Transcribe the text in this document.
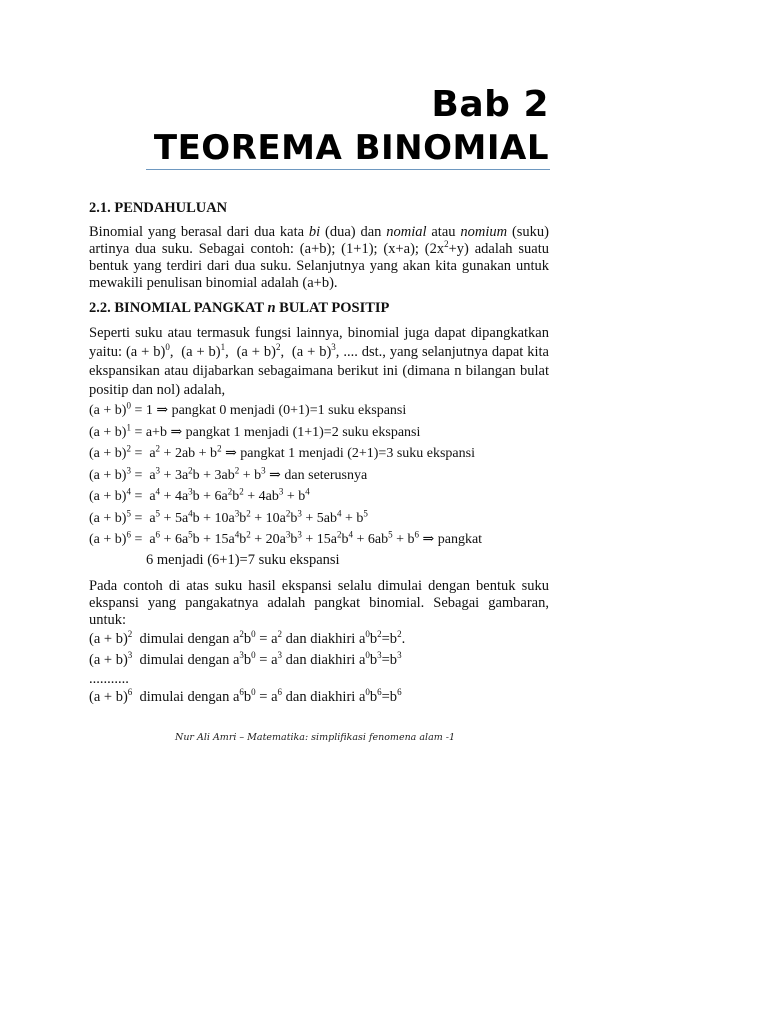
Bab 2
TEOREMA BINOMIAL
2.1. PENDAHULUAN

Binomial yang berasal dari dua kata bi (dua) dan nomial atau nomium (suku) artinya dua suku. Sebagai contoh: (a+b); (1+1); (x+a); $(2x^2+y)$ adalah suatu bentuk yang terdiri dari dua suku. Selanjutnya yang akan kita gunakan untuk mewakili penulisan binomial adalah (a+b).

2.2. BINOMIAL PANGKAT n BULAT POSITIP

Seperti suku atau termasuk fungsi lainnya, binomial juga dapat dipangkatkan yaitu: $(a + b)^0$,  $(a + b)^1$,  $(a + b)^2$,  $(a + b)^3$, .... dst., yang selanjutnya dapat kita ekspansikan atau dijabarkan sebagaimana berikut ini (dimana n bilangan bulat positip dan nol) adalah,

$(a + b)^0 = 1$ ⇒ pangkat 0 menjadi (0+1)=1 suku ekspansi
$(a + b)^1 = a+b$ ⇒ pangkat 1 menjadi (1+1)=2 suku ekspansi
$(a + b)^2 = a^2 + 2ab + b^2$ ⇒ pangkat 1 menjadi (2+1)=3 suku ekspansi
$(a + b)^3 = a^3 + 3a^2b + 3ab^2 + b^3$ ⇒ dan seterusnya
$(a + b)^4 = a^4 + 4a^3b + 6a^2b^2 + 4ab^3 + b^4$
$(a + b)^5 = a^5 + 5a^4b + 10a^3b^2 + 10a^2b^3 + 5ab^4 + b^5$
$(a + b)^6 = a^6 + 6a^5b + 15a^4b^2 + 20a^3b^3 + 15a^2b^4 + 6ab^5 + b^6$ ⇒ pangkat
6 menjadi (6+1)=7 suku ekspansi

Pada contoh di atas suku hasil ekspansi selalu dimulai dengan bentuk suku ekspansi yang pangakatnya adalah pangkat binomial. Sebagai gambaran, untuk:

$(a + b)^2$ dimulai dengan $a^2b^0 = a^2$ dan diakhiri $a^0b^2=b^2$.
$(a + b)^3$ dimulai dengan $a^3b^0 = a^3$ dan diakhiri $a^0b^3=b^3$
...........
$(a + b)^6$ dimulai dengan $a^6b^0 = a^6$ dan diakhiri $a^0b^6=b^6$
Nur Ali Amri – Matematika: simplifikasi fenomena alam -1
